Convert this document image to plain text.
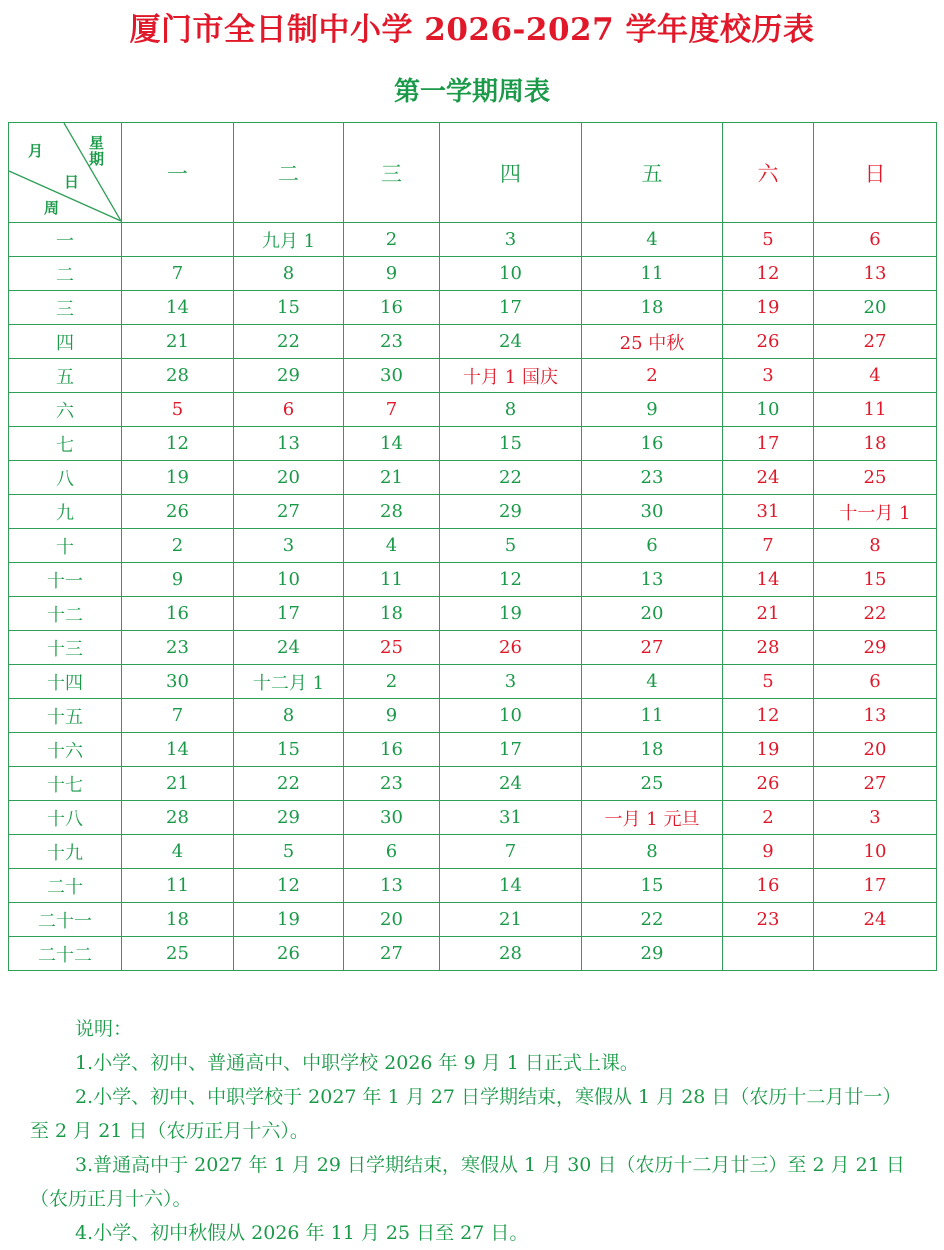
厦门市全日制中小学 2026-2027 学年度校历表
第一学期周表
月 星期
日
周	一	二	三	四	五	六	日
一		九月 1	2	3	4	5	6
二	7	8	9	10	11	12	13
三	14	15	16	17	18	19	20
四	21	22	23	24	25 中秋	26	27
五	28	29	30	十月 1 国庆	2	3	4
六	5	6	7	8	9	10	11
七	12	13	14	15	16	17	18
八	19	20	21	22	23	24	25
九	26	27	28	29	30	31	十一月 1
十	2	3	4	5	6	7	8
十一	9	10	11	12	13	14	15
十二	16	17	18	19	20	21	22
十三	23	24	25	26	27	28	29
十四	30	十二月 1	2	3	4	5	6
十五	7	8	9	10	11	12	13
十六	14	15	16	17	18	19	20
十七	21	22	23	24	25	26	27
十八	28	29	30	31	一月 1 元旦	2	3
十九	4	5	6	7	8	9	10
二十	11	12	13	14	15	16	17
二十一	18	19	20	21	22	23	24
二十二	25	26	27	28	29		

说明：

1.小学、初中、普通高中、中职学校 2026 年 9 月 1 日正式上课。

2.小学、初中、中职学校于 2027 年 1 月 27 日学期结束，寒假从 1 月 28 日（农历十二月廿一）至 2 月 21 日（农历正月十六）。

3.普通高中于 2027 年 1 月 29 日学期结束，寒假从 1 月 30 日（农历十二月廿三）至 2 月 21 日（农历正月十六）。

4.小学、初中秋假从 2026 年 11 月 25 日至 27 日。
